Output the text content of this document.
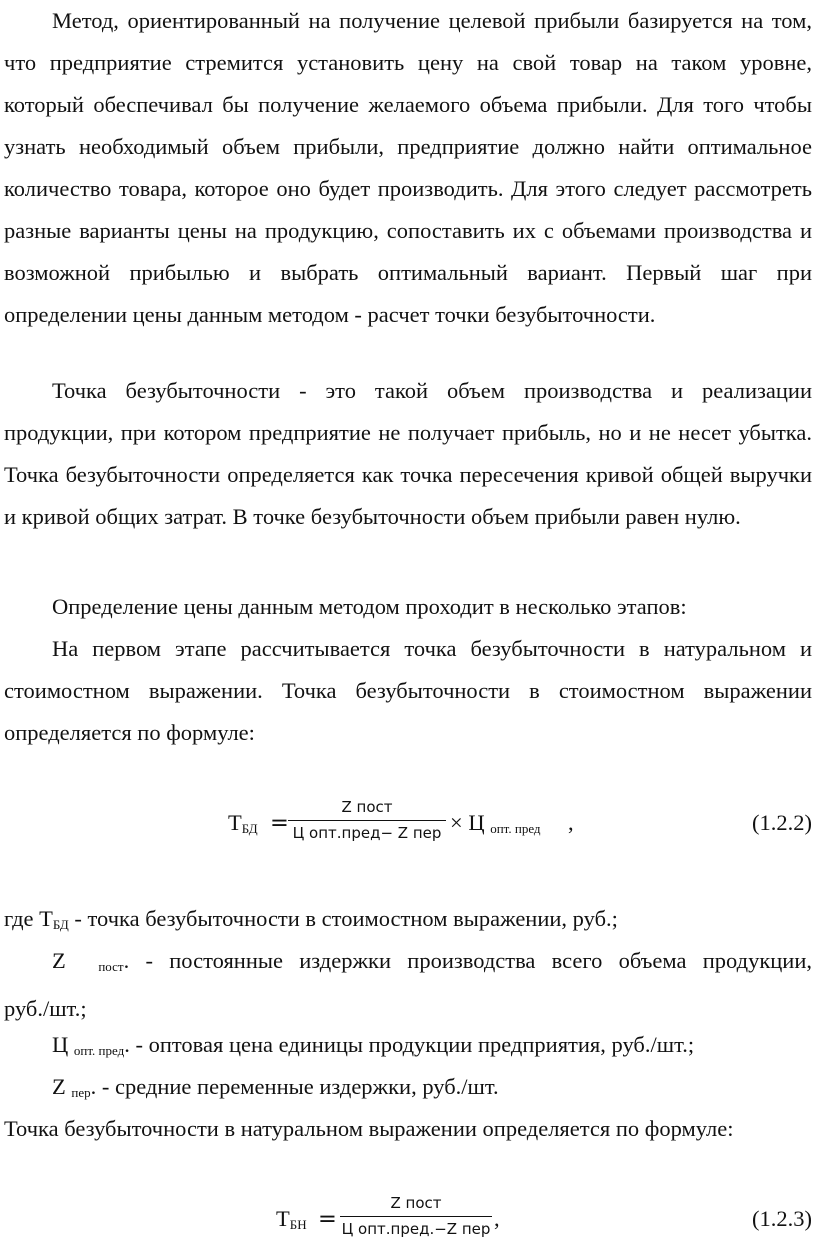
Метод, ориентированный на получение целевой прибыли базируется на том, что предприятие стремится установить цену на свой товар на таком уровне, который обеспечивал бы получение желаемого объема прибыли. Для того чтобы узнать необходимый объем прибыли, предприятие должно найти оптимальное количество товара, которое оно будет производить. Для этого следует рассмотреть разные варианты цены на продукцию, сопоставить их с объемами производства и возможной прибылью и выбрать оптимальный вариант. Первый шаг при определении цены данным методом - расчет точки безубыточности.

Точка безубыточности - это такой объем производства и реализации продукции, при котором предприятие не получает прибыль, но и не несет убытка. Точка безубыточности определяется как точка пересечения кривой общей выручки и кривой общих затрат. В точке безубыточности объем прибыли равен нулю.

Определение цены данным методом проходит в несколько этапов:

На первом этапе рассчитывается точка безубыточности в натуральном и стоимостном выражении. Точка безубыточности в стоимостном выражении определяется по формуле:

$Т_{БД}$ =
Z пост
Ц опт.пред− Z пер × Ц $_{опт. пред}$ ,	(1.2.2)

где $Т_{БД}$ - точка безубыточности в стоимостном выражении, руб.;

Z	$_{пост}$. - постоянные издержки производства всего объема продукции,

руб./шт.;

Ц $_{опт. пред}$. - оптовая цена единицы продукции предприятия, руб./шт.;

Z $_{пер}$. - средние переменные издержки, руб./шт.

Точка безубыточности в натуральном выражении определяется по формуле:

$Т_{БН}$ =
Z пост
Ц опт.пред.−Z пер ,	(1.2.3)
